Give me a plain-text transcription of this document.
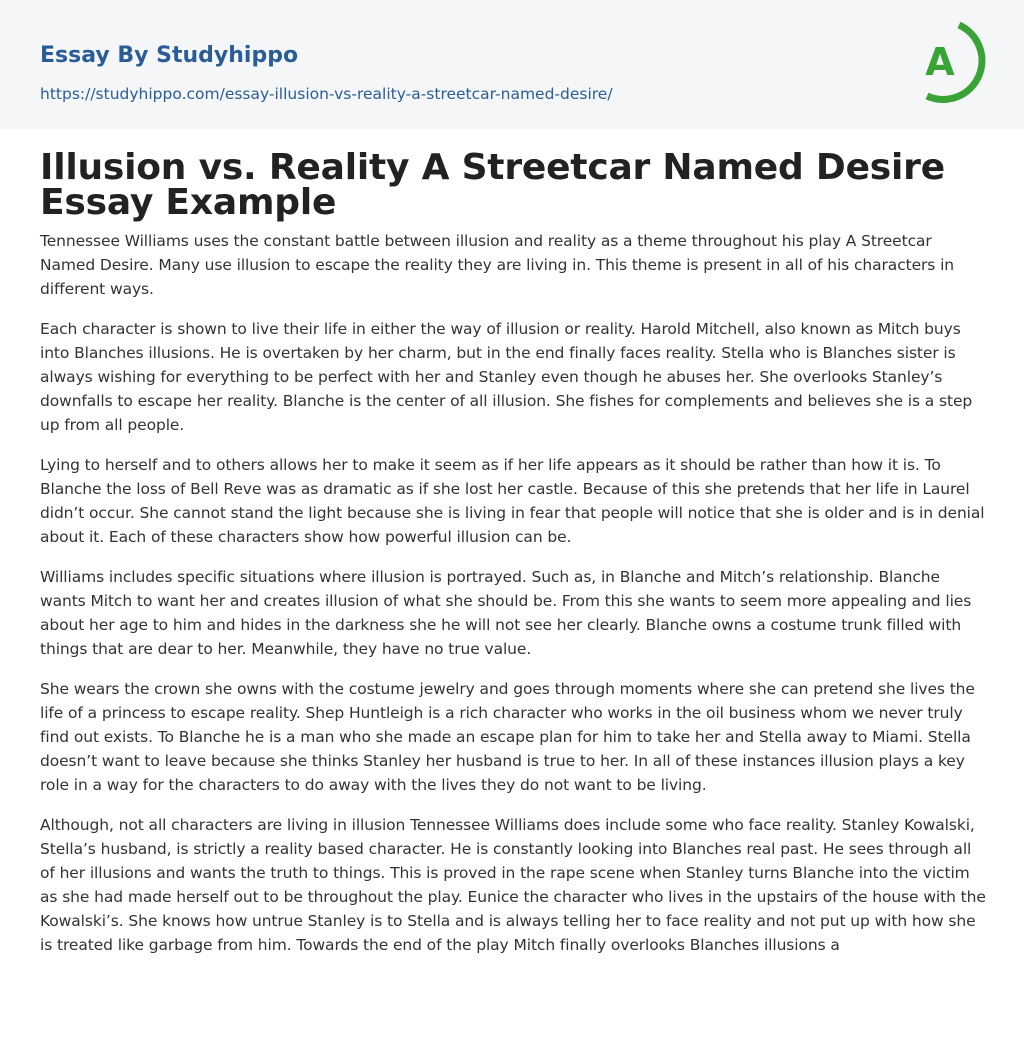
Essay By Studyhippo
https://studyhippo.com/essay-illusion-vs-reality-a-streetcar-named-desire/
A
Illusion vs. Reality A Streetcar Named Desire Essay Example

Tennessee Williams uses the constant battle between illusion and reality as a theme throughout his play A Streetcar Named Desire. Many use illusion to escape the reality they are living in. This theme is present in all of his characters in different ways.

Each character is shown to live their life in either the way of illusion or reality. Harold Mitchell, also known as Mitch buys into Blanches illusions. He is overtaken by her charm, but in the end finally faces reality. Stella who is Blanches sister is always wishing for everything to be perfect with her and Stanley even though he abuses her. She overlooks Stanley’s downfalls to escape her reality. Blanche is the center of all illusion. She fishes for complements and believes she is a step up from all people.

Lying to herself and to others allows her to make it seem as if her life appears as it should be rather than how it is. To Blanche the loss of Bell Reve was as dramatic as if she lost her castle. Because of this she pretends that her life in Laurel didn’t occur. She cannot stand the light because she is living in fear that people will notice that she is older and is in denial about it. Each of these characters show how powerful illusion can be.

Williams includes specific situations where illusion is portrayed. Such as, in Blanche and Mitch’s relationship. Blanche wants Mitch to want her and creates illusion of what she should be. From this she wants to seem more appealing and lies about her age to him and hides in the darkness she he will not see her clearly. Blanche owns a costume trunk filled with things that are dear to her. Meanwhile, they have no true value.

She wears the crown she owns with the costume jewelry and goes through moments where she can pretend she lives the life of a princess to escape reality. Shep Huntleigh is a rich character who works in the oil business whom we never truly find out exists. To Blanche he is a man who she made an escape plan for him to take her and Stella away to Miami. Stella doesn’t want to leave because she thinks Stanley her husband is true to her. In all of these instances illusion plays a key role in a way for the characters to do away with the lives they do not want to be living.

Although, not all characters are living in illusion Tennessee Williams does include some who face reality. Stanley Kowalski, Stella’s husband, is strictly a reality based character. He is constantly looking into Blanches real past. He sees through all of her illusions and wants the truth to things. This is proved in the rape scene when Stanley turns Blanche into the victim as she had made herself out to be throughout the play. Eunice the character who lives in the upstairs of the house with the Kowalski’s. She knows how untrue Stanley is to Stella and is always telling her to face reality and not put up with how she is treated like garbage from him. Towards the end of the play Mitch finally overlooks Blanches illusions a
